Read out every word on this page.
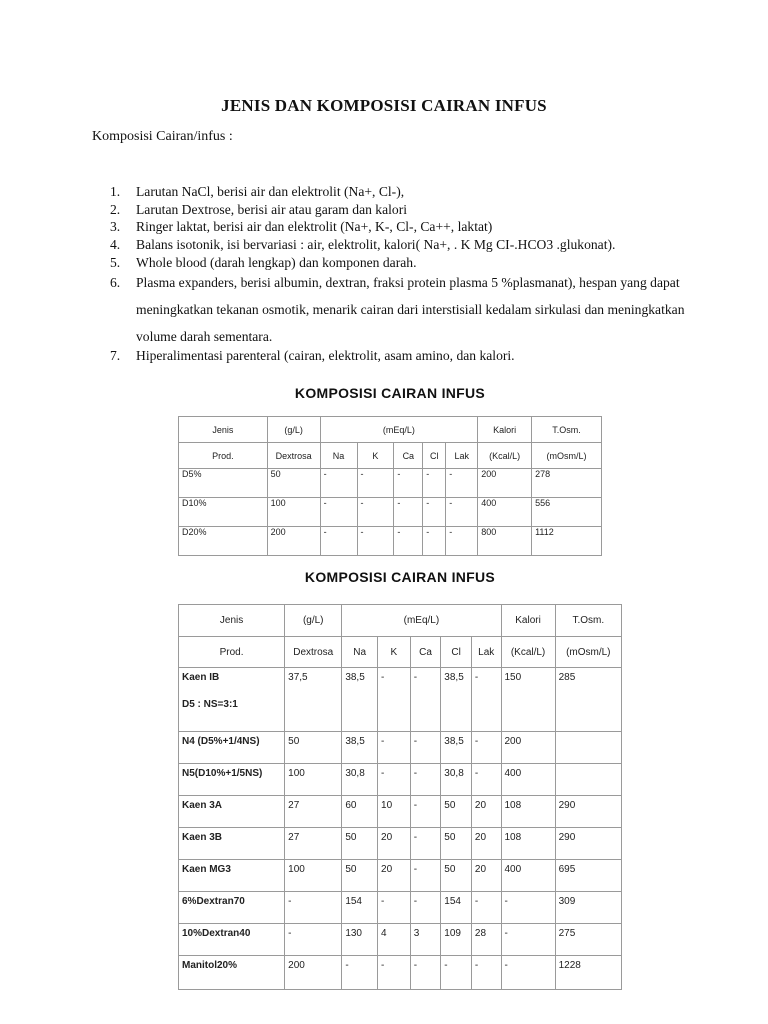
JENIS DAN KOMPOSISI CAIRAN INFUS
Komposisi Cairan/infus :
1. Larutan NaCl, berisi air dan elektrolit (Na+, Cl-),
2. Larutan Dextrose, berisi air atau garam dan kalori
3. Ringer laktat, berisi air dan elektrolit (Na+, K-, Cl-, Ca++, laktat)
4. Balans isotonik, isi bervariasi : air, elektrolit, kalori( Na+, . K Mg CI-.HCO3 .glukonat).
5. Whole blood (darah lengkap) dan komponen darah.
6. Plasma expanders, berisi albumin, dextran, fraksi protein plasma 5 %plasmanat), hespan yang dapat meningkatkan tekanan osmotik, menarik cairan dari interstisiall kedalam sirkulasi dan meningkatkan volume darah sementara.
7. Hiperalimentasi parenteral (cairan, elektrolit, asam amino, dan kalori.
KOMPOSISI CAIRAN INFUS
Jenis	(g/L)	(mEq/L)					Kalori	T.Osm.
Prod.	Dextrosa	Na	K	Ca	Cl	Lak	(Kcal/L)	(mOsm/L)
D5%	50	-	-	-	-	-	200	278
D10%	100	-	-	-	-	-	400	556
D20%	200	-	-	-	-	-	800	1112
KOMPOSISI CAIRAN INFUS
Jenis	(g/L)	(mEq/L)					Kalori	T.Osm.
Prod.	Dextrosa	Na	K	Ca	Cl	Lak	(Kcal/L)	(mOsm/L)

Kaen IB
D5 : NS=3:1	37,5	38,5	-	-	38,5	-	150	285

N4 (D5%+1/4NS)	50	38,5	-	-	38,5	-	200	

N5(D10%+1/5NS)	100	30,8	-	-	30,8	-	400	

Kaen 3A	27	60	10	-	50	20	108	290

Kaen 3B	27	50	20	-	50	20	108	290

Kaen MG3	100	50	20	-	50	20	400	695

6%Dextran70	-	154	-	-	154	-	-	309

10%Dextran40	-	130	4	3	109	28	-	275

Manitol20%	200	-	-	-	-	-	-	1228
